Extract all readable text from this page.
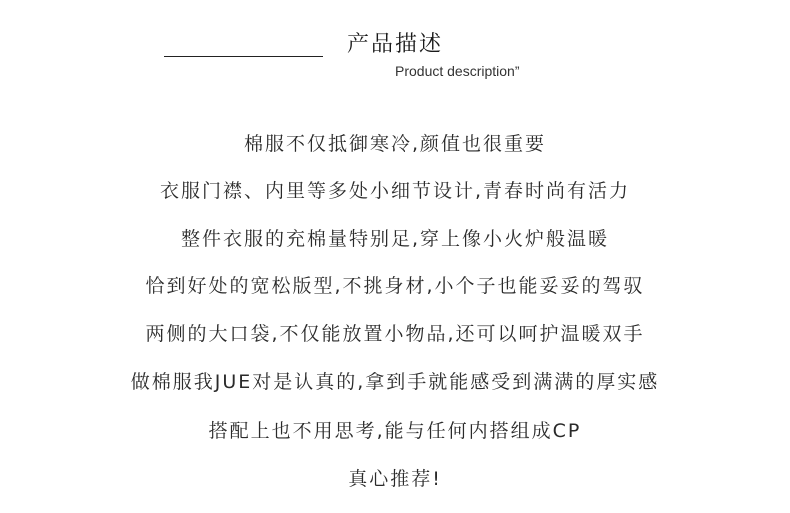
产品描述
Product description”
棉服不仅抵御寒冷,颜值也很重要
衣服门襟、内里等多处小细节设计,青春时尚有活力
整件衣服的充棉量特别足,穿上像小火炉般温暖
恰到好处的宽松版型,不挑身材,小个子也能妥妥的驾驭
两侧的大口袋,不仅能放置小物品,还可以呵护温暖双手
做棉服我JUE对是认真的,拿到手就能感受到满满的厚实感
搭配上也不用思考,能与任何内搭组成CP
真心推荐!
